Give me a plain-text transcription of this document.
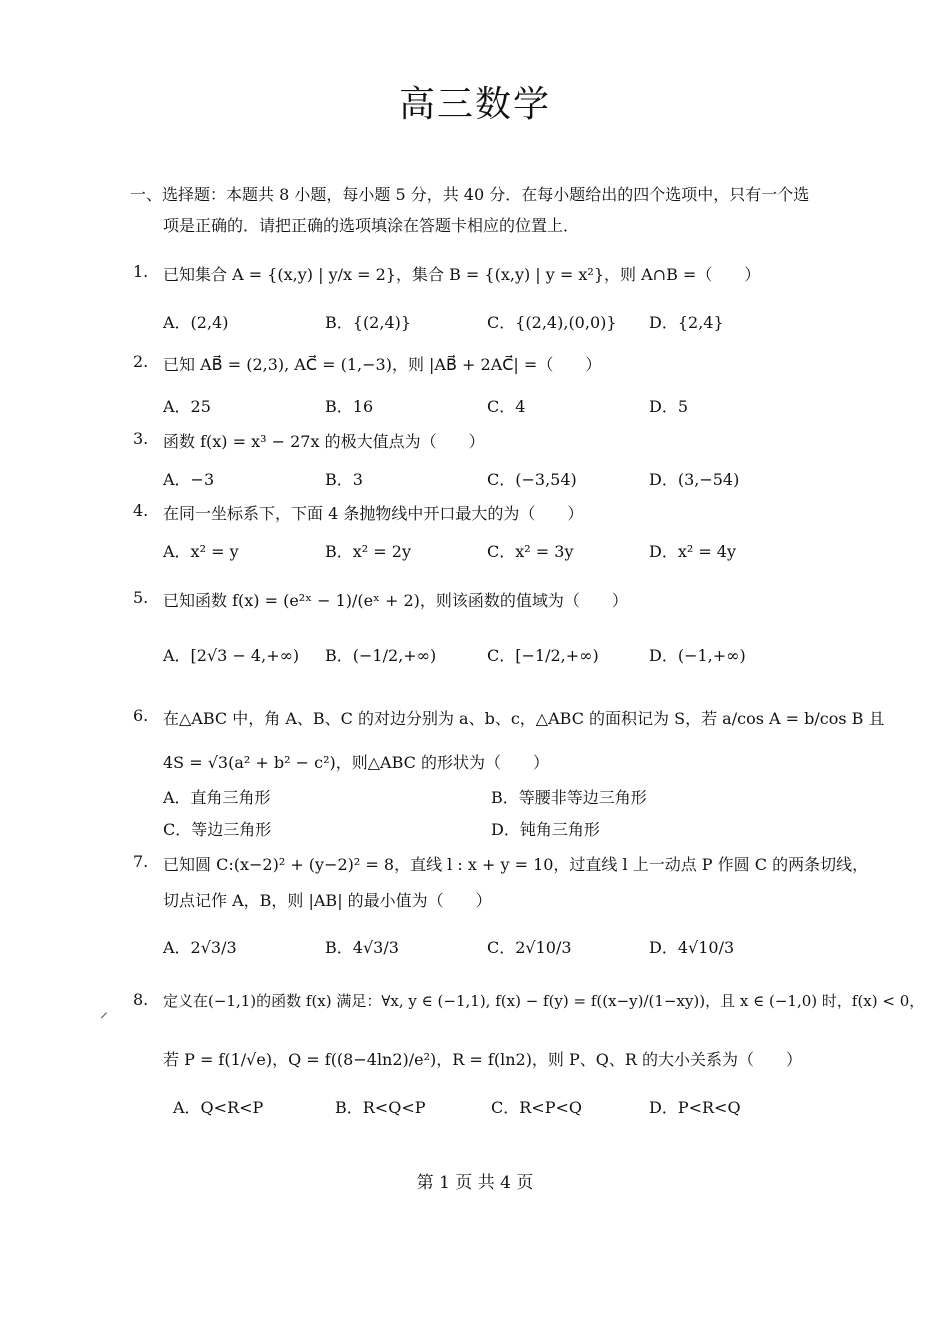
高三数学
一、选择题：本题共 8 小题，每小题 5 分，共 40 分．在每小题给出的四个选项中，只有一个选
项是正确的．请把正确的选项填涂在答题卡相应的位置上．
1. 已知集合 A = {(x,y) | y/x = 2}，集合 B = {(x,y) | y = x²}，则 A∩B =（　　）
A．(2,4)	B．{(2,4)}	C．{(2,4),(0,0)} D．{2,4}
2. 已知 AB⃗ = (2,3), AC⃗ = (1,−3)，则 |AB⃗ + 2AC⃗| =（　　）
A．25	B．16	C．4	D．5
3. 函数 f(x) = x³ − 27x 的极大值点为（　　）
A．−3	B．3	C．(−3,54)	D．(3,−54)
4. 在同一坐标系下，下面 4 条抛物线中开口最大的为（　　）
A．x² = y	B．x² = 2y	C．x² = 3y	D．x² = 4y
5. 已知函数 f(x) = (e²ˣ − 1)/(eˣ + 2)，则该函数的值域为（　　）
A．[2√3 − 4,+∞) B．(−1/2,+∞)	C．[−1/2,+∞)	D．(−1,+∞)
6. 在△ABC 中，角 A、B、C 的对边分别为 a、b、c，△ABC 的面积记为 S，若 a/cos A = b/cos B 且
4S = √3(a² + b² − c²)，则△ABC 的形状为（　　）
A．直角三角形	B．等腰非等边三角形
C．等边三角形	D．钝角三角形
7. 已知圆 C:(x−2)² + (y−2)² = 8，直线 l : x + y = 10，过直线 l 上一动点 P 作圆 C 的两条切线，
切点记作 A，B，则 |AB| 的最小值为（　　）
A．2√3/3	B．4√3/3	C．2√10/3	D．4√10/3
⸝
8. 定义在(−1,1)的函数 f(x) 满足：∀x, y ∈ (−1,1), f(x) − f(y) = f((x−y)/(1−xy))，且 x ∈ (−1,0) 时，f(x) < 0，
若 P = f(1/√e)，Q = f((8−4ln2)/e²)，R = f(ln2)，则 P、Q、R 的大小关系为（　　）
A．Q<R<P	B．R<Q<P	C．R<P<Q	D．P<R<Q
第 1 页 共 4 页
